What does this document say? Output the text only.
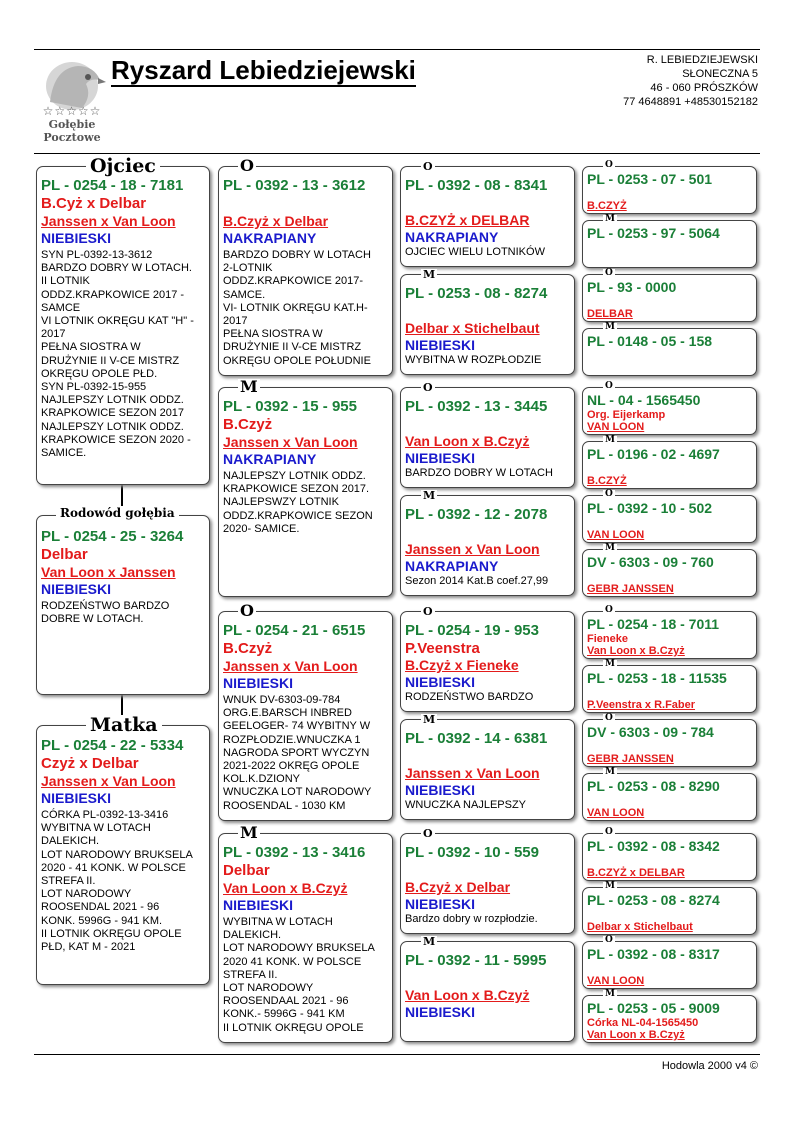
☆☆☆☆☆
Gołębie Pocztowe
Ryszard Lebiedziejewski	R. LEBIEDZIEJEWSKI
SŁONECZNA 5
46 - 060 PRÓSZKÓW
77 4648891 +48530152182
PL - 0254 - 18 - 7181
B.Cyż x Delbar
Janssen x Van Loon
NIEBIESKI
SYN PL-0392-13-3612
BARDZO DOBRY W LOTACH.
II LOTNIK
ODDZ.KRAPKOWICE 2017 -
SAMCE
VI LOTNIK OKRĘGU KAT "H" -
2017
PEŁNA SIOSTRA W
DRUŻYNIE II V-CE MISTRZ
OKRĘGU OPOLE PŁD.
SYN PL-0392-15-955
NAJLEPSZY LOTNIK ODDZ.
KRAPKOWICE SEZON 2017
NAJLEPSZY LOTNIK ODDZ.
KRAPKOWICE SEZON 2020 -
SAMICE.
Ojciec
PL - 0254 - 25 - 3264
Delbar
Van Loon x Janssen
NIEBIESKI
RODZEŃSTWO BARDZO
DOBRE W LOTACH.
Rodowód gołębia
PL - 0254 - 22 - 5334
Czyż x Delbar
Janssen x Van Loon
NIEBIESKI
CÓRKA PL-0392-13-3416
WYBITNA W LOTACH
DALEKICH.
LOT NARODOWY BRUKSELA
2020 - 41 KONK. W POLSCE
STREFA II.
LOT NARODOWY
ROOSENDAL 2021 - 96
KONK. 5996G - 941 KM.
II LOTNIK OKRĘGU OPOLE
PŁD, KAT M - 2021
Matka
PL - 0392 - 13 - 3612
B.Czyż x Delbar
NAKRAPIANY
BARDZO DOBRY W LOTACH
2-LOTNIK
ODDZ.KRAPKOWICE 2017-
SAMCE.
VI- LOTNIK OKRĘGU KAT.H-
2017
PEŁNA SIOSTRA W
DRUŻYNIE II V-CE MISTRZ
OKRĘGU OPOLE POŁUDNIE
O
PL - 0392 - 15 - 955
B.Czyż
Janssen x Van Loon
NAKRAPIANY
NAJLEPSZY LOTNIK ODDZ.
KRAPKOWICE SEZON 2017.
NAJLEPSWZY LOTNIK
ODDZ.KRAPKOWICE SEZON
2020- SAMICE.
M
PL - 0254 - 21 - 6515
B.Czyż
Janssen x Van Loon
NIEBIESKI
WNUK DV-6303-09-784
ORG.E.BARSCH INBRED
GEELOGER- 74 WYBITNY W
ROZPŁODZIE.WNUCZKA 1
NAGRODA SPORT WYCZYN
2021-2022 OKRĘG OPOLE
KOL.K.DZIONY
WNUCZKA LOT NARODOWY
ROOSENDAL - 1030 KM
O
PL - 0392 - 13 - 3416
Delbar
Van Loon x B.Czyż
NIEBIESKI
WYBITNA W LOTACH
DALEKICH.
LOT NARODOWY BRUKSELA
2020 41 KONK. W POLSCE
STREFA II.
LOT NARODOWY
ROOSENDAAL 2021 - 96
KONK.- 5996G - 941 KM
II LOTNIK OKRĘGU OPOLE
M
PL - 0392 - 08 - 8341
B.CZYŻ x DELBAR
NAKRAPIANY
OJCIEC WIELU LOTNIKÓW
O
PL - 0253 - 08 - 8274
Delbar x Stichelbaut
NIEBIESKI
WYBITNA W ROZPŁODZIE
M
PL - 0392 - 13 - 3445
Van Loon x B.Czyż
NIEBIESKI
BARDZO DOBRY W LOTACH
O
PL - 0392 - 12 - 2078
Janssen x Van Loon
NAKRAPIANY
Sezon 2014 Kat.B coef.27,99
M
PL - 0254 - 19 - 953
P.Veenstra
B.Czyż x Fieneke
NIEBIESKI
RODZEŃSTWO BARDZO
O
PL - 0392 - 14 - 6381
Janssen x Van Loon
NIEBIESKI
WNUCZKA NAJLEPSZY
M
PL - 0392 - 10 - 559
B.Czyż x Delbar
NIEBIESKI
Bardzo dobry w rozpłodzie.
O
PL - 0392 - 11 - 5995
Van Loon x B.Czyż
NIEBIESKI
M
PL - 0253 - 07 - 501
B.CZYŻ
O
PL - 0253 - 97 - 5064
M
PL - 93 - 0000
DELBAR
O
PL - 0148 - 05 - 158
M
NL - 04 - 1565450
Org. Eijerkamp
VAN LOON
O
PL - 0196 - 02 - 4697
B.CZYŻ
M
PL - 0392 - 10 - 502
VAN LOON
O
DV - 6303 - 09 - 760
GEBR JANSSEN
M
PL - 0254 - 18 - 7011
Fieneke
Van Loon x B.Czyż
O
PL - 0253 - 18 - 11535
P.Veenstra x R.Faber
M
DV - 6303 - 09 - 784
GEBR JANSSEN
O
PL - 0253 - 08 - 8290
VAN LOON
M
PL - 0392 - 08 - 8342
B.CZYŻ x DELBAR
O
PL - 0253 - 08 - 8274
Delbar x Stichelbaut
M
PL - 0392 - 08 - 8317
VAN LOON
O
PL - 0253 - 05 - 9009
Córka NL-04-1565450
Van Loon x B.Czyż
M
Hodowla 2000 v4 ©
